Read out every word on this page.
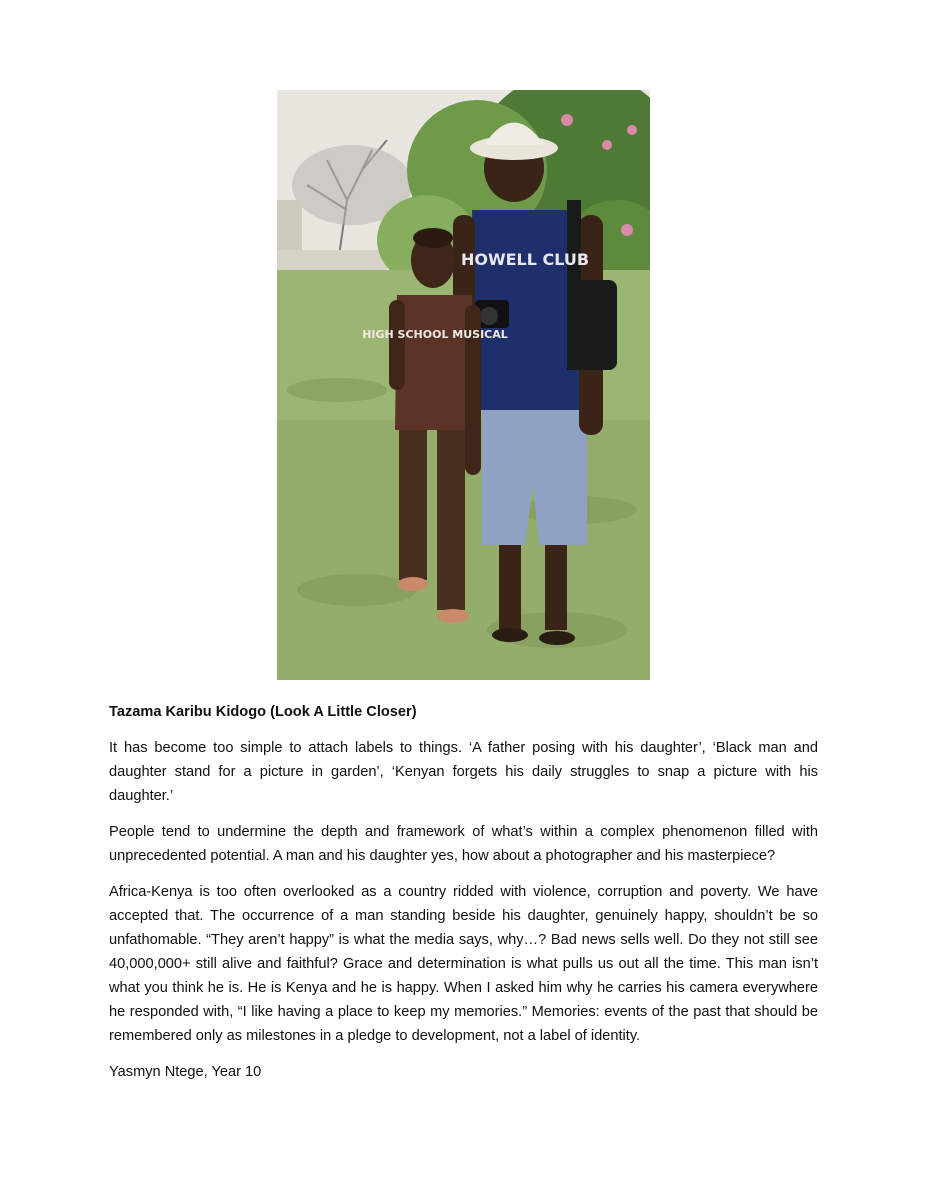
HOWELL CLUB
HIGH SCHOOL MUSICAL

Tazama Karibu Kidogo (Look A Little Closer)

It has become too simple to attach labels to things. ‘A father posing with his daughter’, ‘Black man and daughter stand for a picture in garden’, ‘Kenyan forgets his daily struggles to snap a picture with his daughter.’

People tend to undermine the depth and framework of what’s within a complex phenomenon filled with unprecedented potential. A man and his daughter yes, how about a photographer and his masterpiece?

Africa-Kenya is too often overlooked as a country ridded with violence, corruption and poverty. We have accepted that. The occurrence of a man standing beside his daughter, genuinely happy, shouldn’t be so unfathomable. “They aren’t happy” is what the media says, why…? Bad news sells well. Do they not still see 40,000,000+ still alive and faithful? Grace and determination is what pulls us out all the time. This man isn’t what you think he is. He is Kenya and he is happy. When I asked him why he carries his camera everywhere he responded with, “I like having a place to keep my memories.” Memories: events of the past that should be remembered only as milestones in a pledge to development, not a label of identity.

Yasmyn Ntege, Year 10
